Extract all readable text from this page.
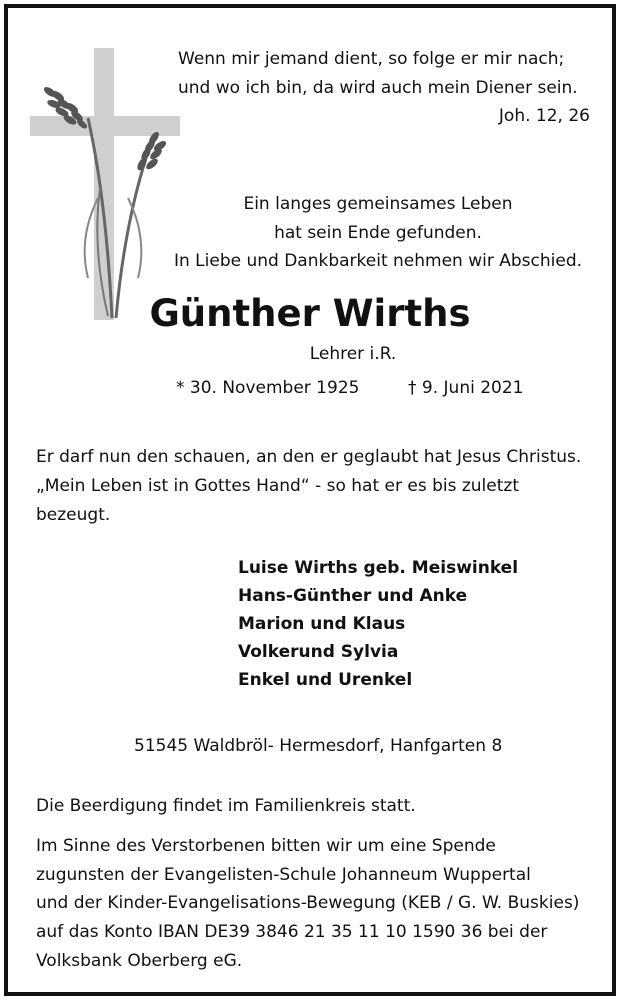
Wenn mir jemand dient, so folge er mir nach;
und wo ich bin, da wird auch mein Diener sein.
Joh. 12, 26
Ein langes gemeinsames Leben
hat sein Ende gefunden.
In Liebe und Dankbarkeit nehmen wir Abschied.
Günther Wirths
Lehrer i.R.
* 30. November 1925	† 9. Juni 2021
Er darf nun den schauen, an den er geglaubt hat Jesus Christus.
„Mein Leben ist in Gottes Hand“ - so hat er es bis zuletzt
bezeugt.
Luise Wirths geb. Meiswinkel
Hans-Günther und Anke
Marion und Klaus
Volkerund Sylvia
Enkel und Urenkel
51545 Waldbröl- Hermesdorf, Hanfgarten 8
Die Beerdigung findet im Familienkreis statt.
Im Sinne des Verstorbenen bitten wir um eine Spende
zugunsten der Evangelisten-Schule Johanneum Wuppertal
und der Kinder-Evangelisations-Bewegung (KEB / G. W. Buskies)
auf das Konto IBAN DE39 3846 21 35 11 10 1590 36 bei der
Volksbank Oberberg eG.
